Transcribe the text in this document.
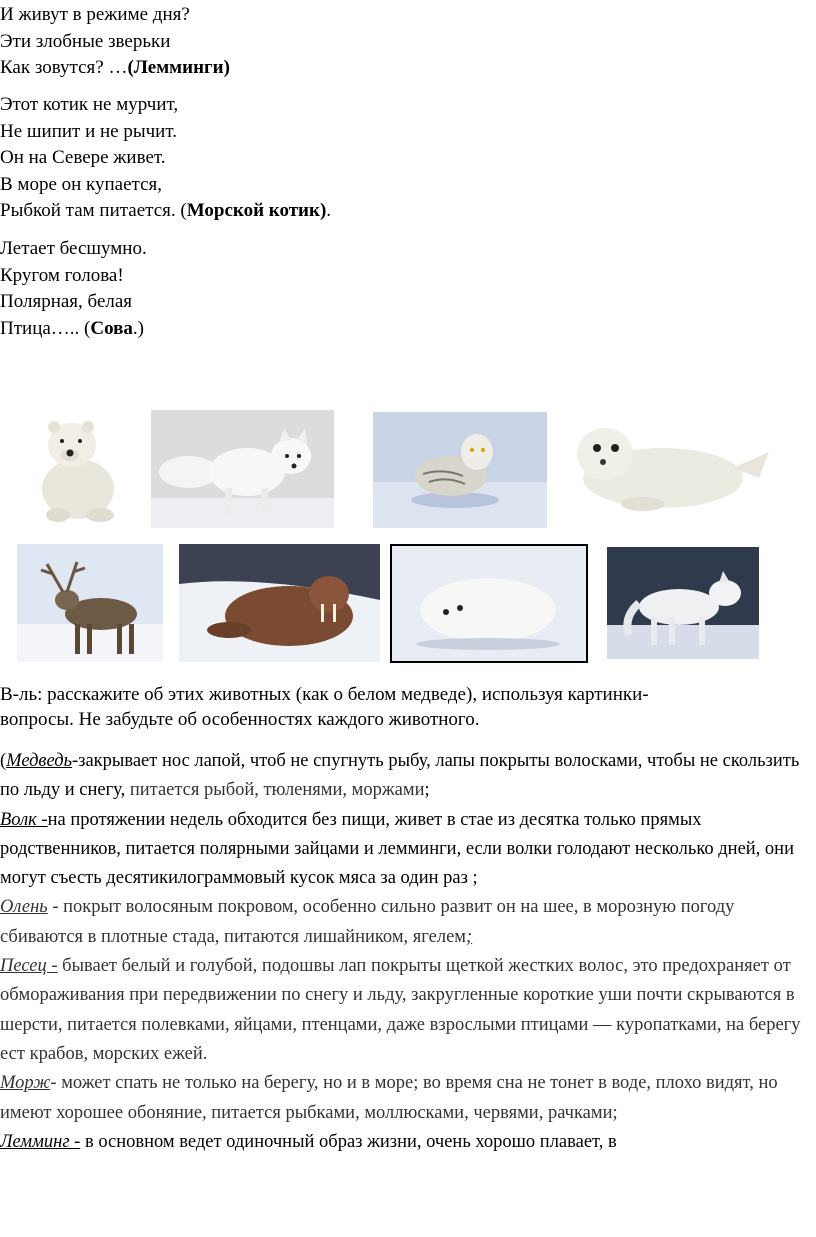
И живут в режиме дня?
Эти злобные зверьки
Как зовутся? …(Лемминги)
Этот котик не мурчит,
Не шипит и не рычит.
Он на Севере живет.
В море он купается,
Рыбкой там питается. (Морской котик).
Летает бесшумно.
Кругом голова!
Полярная, белая
Птица….. (Сова.)
В-ль: расскажите об этих животных (как о белом медведе), используя картинки-
вопросы. Не забудьте об особенностях каждого животного.

(Медведь-закрывает нос лапой, чтоб не спугнуть рыбу, лапы покрыты волосками, чтобы не скользить по льду и снегу, питается рыбой, тюленями, моржами;

Волк -на протяжении недель обходится без пищи, живет в стае из десятка только прямых родственников, питается полярными зайцами и лемминги, если волки голодают несколько дней, они могут съесть десятикилограммовый кусок мяса за один раз ;

Олень - покрыт волосяным покровом, особенно сильно развит он на шее, в морозную погоду сбиваются в плотные стада, питаются лишайником, ягелем;

Песец - бывает белый и голубой, подошвы лап покрыты щеткой жестких волос, это предохраняет от обмораживания при передвижении по снегу и льду, закругленные короткие уши почти скрываются в шерсти, питается полевками, яйцами, птенцами, даже взрослыми птицами — куропатками, на берегу ест крабов, морских ежей.

Морж- может спать не только на берегу, но и в море; во время сна не тонет в воде, плохо видят, но имеют хорошее обоняние, питается рыбками, моллюсками, червями, рачками;

Лемминг - в основном ведет одиночный образ жизни, очень хорошо плавает, в
